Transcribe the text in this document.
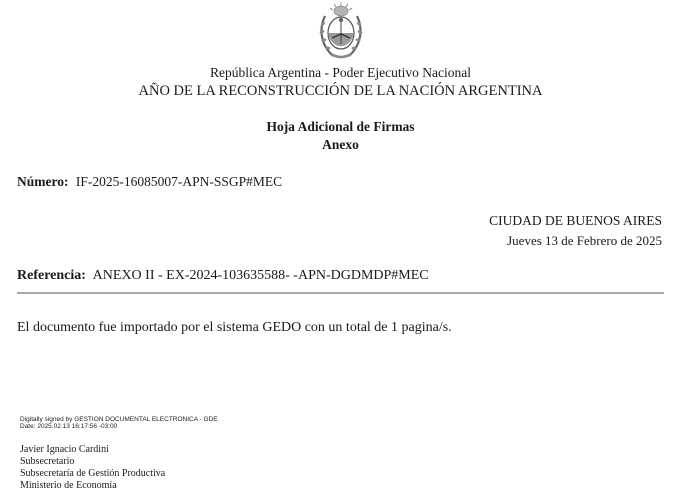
República Argentina - Poder Ejecutivo Nacional
AÑO DE LA RECONSTRUCCIÓN DE LA NACIÓN ARGENTINA
Hoja Adicional de Firmas
Anexo
Número: IF-2025-16085007-APN-SSGP#MEC
CIUDAD DE BUENOS AIRES
Jueves 13 de Febrero de 2025
Referencia: ANEXO II - EX-2024-103635588- -APN-DGDMDP#MEC
El documento fue importado por el sistema GEDO con un total de 1 pagina/s.
Digitally signed by GESTION DOCUMENTAL ELECTRONICA - GDE
Date: 2025.02.13 16:17:56 -03:00
Javier Ignacio Cardini
Subsecretario
Subsecretaría de Gestión Productiva
Ministerio de Economía
